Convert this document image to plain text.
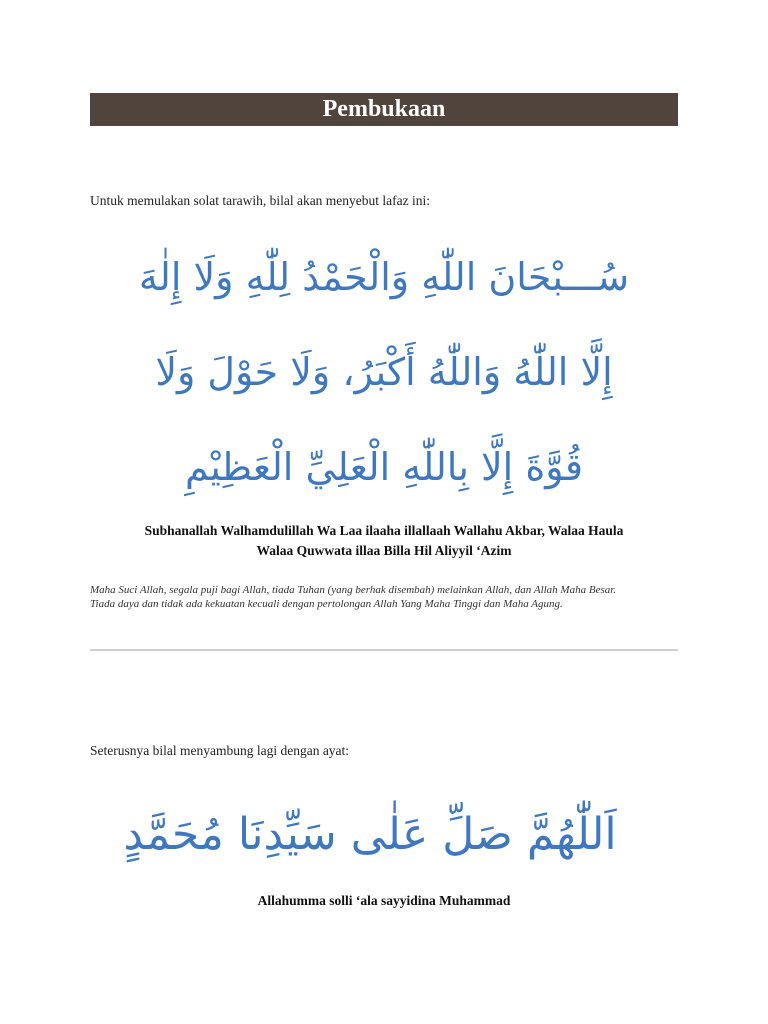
Pembukaan
Untuk memulakan solat tarawih, bilal akan menyebut lafaz ini:
سُـــبْحَانَ اللّٰهِ وَالْحَمْدُ لِلّٰهِ وَلَا إِلٰهَ
إِلَّا اللّٰهُ وَاللّٰهُ أَكْبَرُ، وَلَا حَوْلَ وَلَا
قُوَّةَ إِلَّا بِاللّٰهِ الْعَلِيِّ الْعَظِيْمِ
Subhanallah Walhamdulillah Wa Laa ilaaha illallaah Wallahu Akbar, Walaa Haula
Walaa Quwwata illaa Billa Hil Aliyyil ‘Azim
Maha Suci Allah, segala puji bagi Allah, tiada Tuhan (yang berhak disembah) melainkan Allah, dan Allah Maha Besar.
Tiada daya dan tidak ada kekuatan kecuali dengan pertolongan Allah Yang Maha Tinggi dan Maha Agung.
Seterusnya bilal menyambung lagi dengan ayat:
اَللّٰهُمَّ صَلِّ عَلٰى سَيِّدِنَا مُحَمَّدٍ
Allahumma solli ‘ala sayyidina Muhammad
